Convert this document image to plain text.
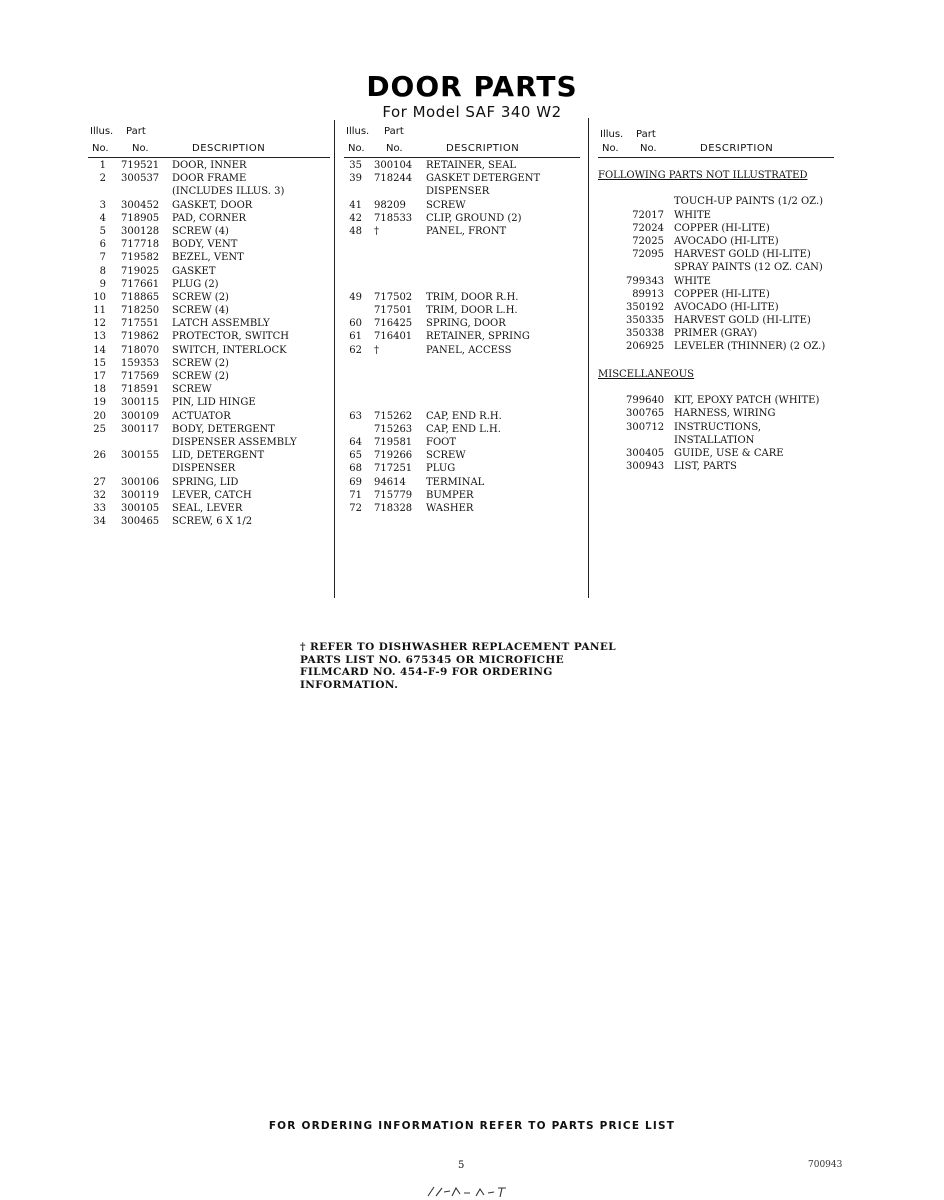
DOOR PARTS
For Model SAF 340 W2
Illus. Part
No. No.	DESCRIPTION
1 719521 DOOR, INNER
2 300537 DOOR FRAME
(INCLUDES ILLUS. 3)
3 300452 GASKET, DOOR
4 718905 PAD, CORNER
5 300128 SCREW (4)
6 717718 BODY, VENT
7 719582 BEZEL, VENT
8 719025 GASKET
9 717661 PLUG (2)
10 718865 SCREW (2)
11 718250 SCREW (4)
12 717551 LATCH ASSEMBLY
13 719862 PROTECTOR, SWITCH
14 718070 SWITCH, INTERLOCK
15 159353 SCREW (2)
17 717569 SCREW (2)
18 718591 SCREW
19 300115 PIN, LID HINGE
20 300109 ACTUATOR
25 300117 BODY, DETERGENT
DISPENSER ASSEMBLY
26 300155 LID, DETERGENT
DISPENSER
27 300106 SPRING, LID
32 300119 LEVER, CATCH
33 300105 SEAL, LEVER
34 300465 SCREW, 6 X 1/2
Illus. Part
No. No.	DESCRIPTION
35 300104 RETAINER, SEAL
39 718244 GASKET DETERGENT
DISPENSER
41 98209 SCREW
42 718533 CLIP, GROUND (2)
48 †	PANEL, FRONT
49 717502 TRIM, DOOR R.H.
717501 TRIM, DOOR L.H.
60 716425 SPRING, DOOR
61 716401 RETAINER, SPRING
62 †	PANEL, ACCESS
63 715262 CAP, END R.H.
715263 CAP, END L.H.
64 719581 FOOT
65 719266 SCREW
68 717251 PLUG
69 94614 TERMINAL
71 715779 BUMPER
72 718328 WASHER
Illus. Part
No. No.	DESCRIPTION
FOLLOWING PARTS NOT ILLUSTRATED
TOUCH-UP PAINTS (1/2 OZ.)
72017 WHITE
72024 COPPER (HI-LITE)
72025 AVOCADO (HI-LITE)
72095 HARVEST GOLD (HI-LITE)
SPRAY PAINTS (12 OZ. CAN)
799343 WHITE
89913 COPPER (HI-LITE)
350192 AVOCADO (HI-LITE)
350335 HARVEST GOLD (HI-LITE)
350338 PRIMER (GRAY)
206925 LEVELER (THINNER) (2 OZ.)
MISCELLANEOUS
799640 KIT, EPOXY PATCH (WHITE)
300765 HARNESS, WIRING
300712 INSTRUCTIONS,
INSTALLATION
300405 GUIDE, USE & CARE
300943 LIST, PARTS
† REFER TO DISHWASHER REPLACEMENT PANEL PARTS LIST NO. 675345 OR MICROFICHE FILMCARD NO. 454-F-9 FOR ORDERING INFORMATION.
FOR ORDERING INFORMATION REFER TO PARTS PRICE LIST
5	700943
